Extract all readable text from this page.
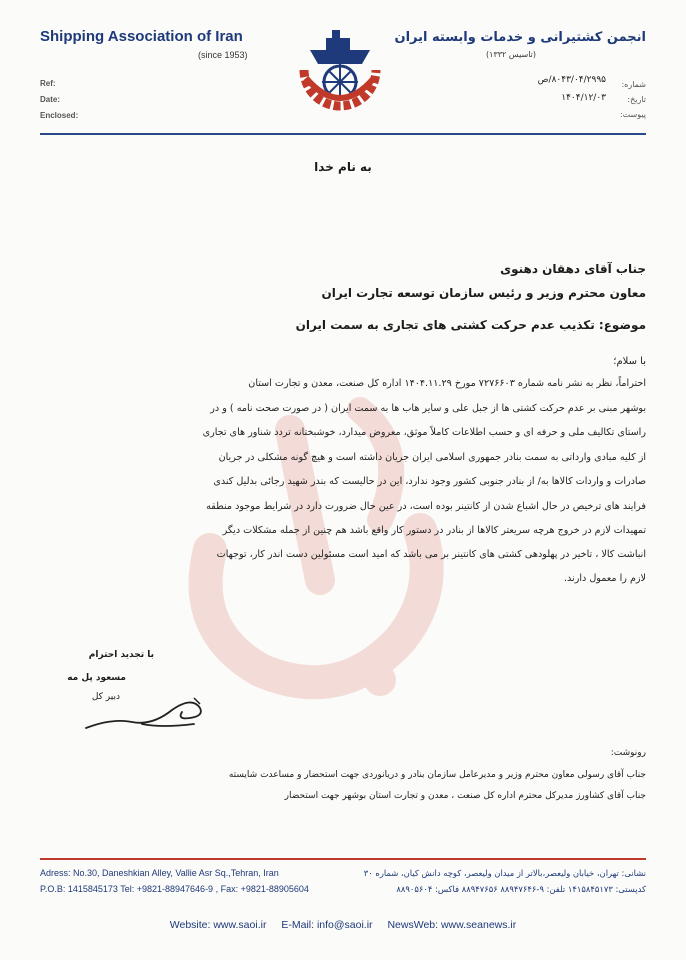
Shipping Association of Iran
(since 1953)
Ref:
Date:
Enclosed:
انجمن کشتیرانی و خدمات وابسته ایران
(تاسیس ۱۳۳۲)
شماره:
تاریخ:
پیوست:
۸۰۴۳/۰۴/۲۹۹۵/ص
۱۴۰۴/۱۲/۰۳
به نام خدا
جناب آقای دهقان دهنوی
معاون محترم وزیر و رئیس سازمان توسعه تجارت ایران
موضوع: تکذیب عدم حرکت کشتی های تجاری به سمت ایران
با سلام؛
احتراماً، نظر به نشر نامه شماره ۷۲۷۶۶۰۳ مورخ ۱۴۰۴.۱۱.۲۹ اداره کل صنعت، معدن و تجارت استان
بوشهر مبنی بر عدم حرکت کشتی ها از جبل علی و سایر هاب ها به سمت ایران ( در صورت صحت نامه ) و در
راستای تکالیف ملی و حرفه ای و حسب اطلاعات کاملاً موثق، معروض میدارد، خوشبختانه تردد شناور های تجاری
از کلیه مبادی وارداتی به سمت بنادر جمهوری اسلامی ایران جریان داشته است و هیچ گونه مشکلی در جریان
صادرات و واردات کالاها به/ از بنادر جنوبی کشور وجود ندارد، این در حالیست که بندر شهید رجائی بدلیل کندی
فرایند های ترخیص در حال اشباع شدن از کانتینر بوده است، در عین حال ضرورت دارد در شرایط موجود منطقه
تمهیدات لازم در خروج هرچه سریعتر کالاها از بنادر در دستور کار واقع باشد هم چنین از جمله مشکلات دیگر
انباشت کالا ، تاخیر در پهلودهی کشتی های کانتینر بر می باشد که امید است مسئولین دست اندر کار، توجهات
لازم را معمول دارند.
با تجدید احترام
مسعود پل مه
دبیر کل
رونوشت:
جناب آقای رسولی معاون محترم وزیر و مدیرعامل سازمان بنادر و دریانوردی جهت استحضار و مساعدت شایسته
جناب آقای کشاورز مدیرکل محترم اداره کل صنعت ، معدن و تجارت استان بوشهر جهت استحضار
Adress: No.30, Daneshkian Alley, Vallie Asr Sq.,Tehran, Iran
P.O.B: 1415845173 Tel: +9821-88947646-9 , Fax: +9821-88905604
نشانی: تهران، خیابان ولیعصر،بالاتر از میدان ولیعصر، کوچه دانش کیان، شماره ۳۰
کدپستی: ۱۴۱۵۸۴۵۱۷۳ تلفن: ۹-۸۸۹۴۷۶۴۶ ۸۸۹۴۷۶۵۶ فاکس: ۸۸۹۰۵۶۰۴
Website: www.saoi.ir E-Mail: info@saoi.ir NewsWeb: www.seanews.ir
